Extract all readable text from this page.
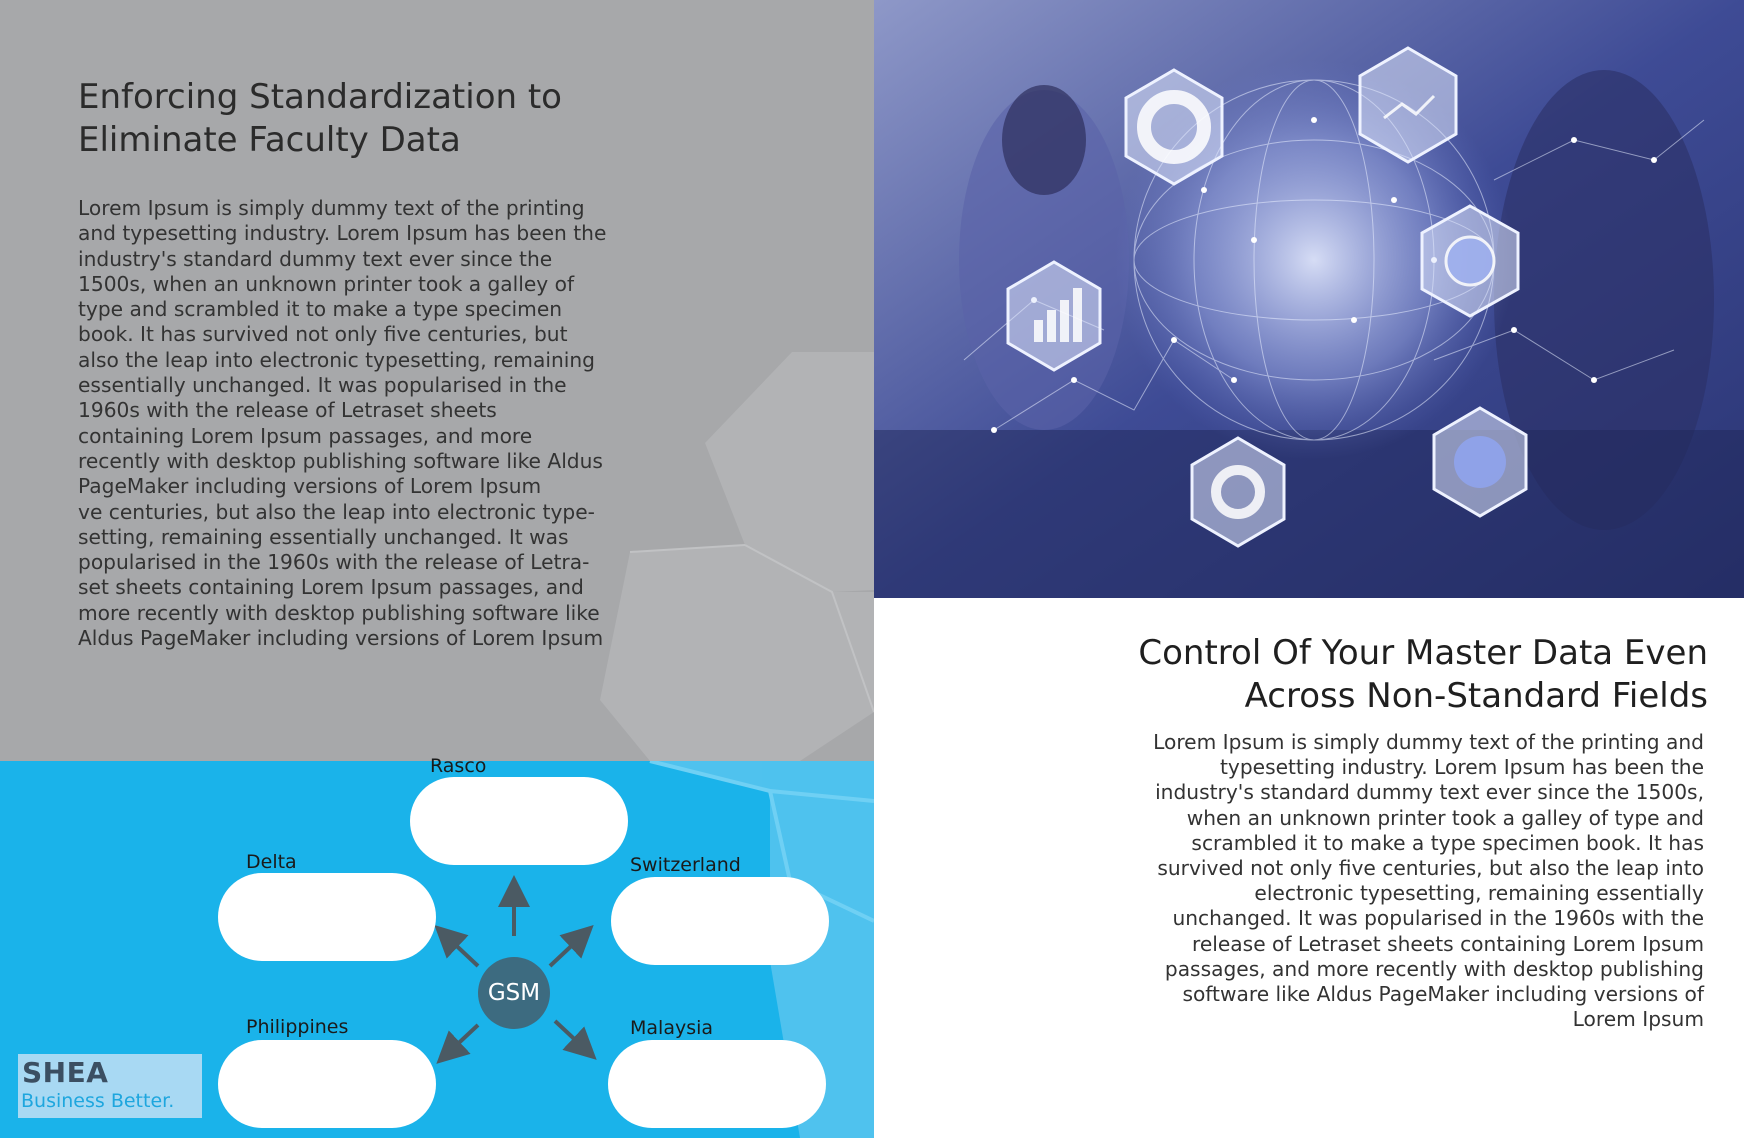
Enforcing Standardization to
Eliminate Faculty Data

Lorem Ipsum is simply dummy text of the printing and typesetting industry. Lorem Ipsum has been the industry's standard dummy text ever since the 1500s, when an unknown printer took a galley of type and scrambled it to make a type specimen book. It has survived not only five centuries, but also the leap into electronic typesetting, remaining essentially unchanged. It was popularised in the 1960s with the release of Letraset sheets containing Lorem Ipsum passages, and more recently with desktop publishing software like Aldus PageMaker including versions of Lorem Ipsum

ve centuries, but also the leap into electronic type-setting, remaining essentially unchanged. It was popularised in the 1960s with the release of Letra-set sheets containing Lorem Ipsum passages, and more recently with desktop publishing software like Aldus PageMaker including versions of Lorem Ipsum

Rasco
Delta	Switzerland
Philippines	Malaysia
GSM
SHEA
Business Better.
Control Of Your Master Data Even
Across Non-Standard Fields

Lorem Ipsum is simply dummy text of the printing and typesetting industry. Lorem Ipsum has been the industry's standard dummy text ever since the 1500s, when an unknown printer took a galley of type and scrambled it to make a type specimen book. It has survived not only five centuries, but also the leap into electronic typesetting, remaining essentially unchanged. It was popularised in the 1960s with the release of Letraset sheets containing Lorem Ipsum passages, and more recently with desktop publishing software like Aldus PageMaker including versions of Lorem Ipsum
